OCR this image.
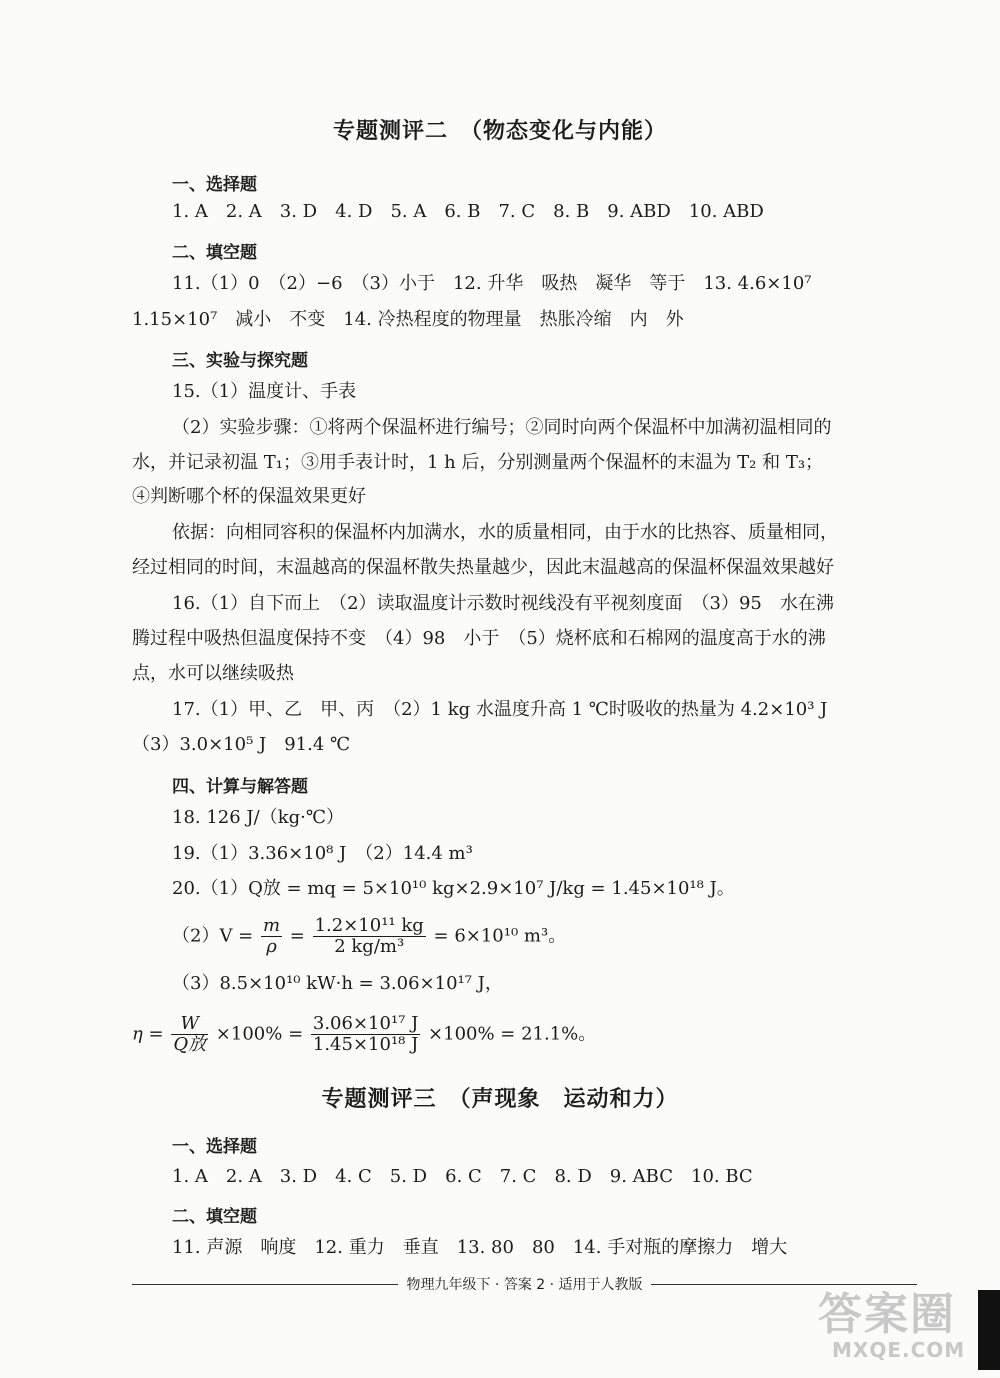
专题测评二　（物态变化与内能）
一、选择题
1. A　2. A　3. D　4. D　5. A　6. B　7. C　8. B　9. ABD　10. ABD
二、填空题
11.（1）0　（2）−6　（3）小于　12. 升华　吸热　凝华　等于　13. 4.6×10⁷
1.15×10⁷　减小　不变　14. 冷热程度的物理量　热胀冷缩　内　外
三、实验与探究题
15.（1）温度计、手表
（2）实验步骤：①将两个保温杯进行编号；②同时向两个保温杯中加满初温相同的
水，并记录初温 T₁；③用手表计时，1 h 后，分别测量两个保温杯的末温为 T₂ 和 T₃；
④判断哪个杯的保温效果更好
依据：向相同容积的保温杯内加满水，水的质量相同，由于水的比热容、质量相同，
经过相同的时间，末温越高的保温杯散失热量越少，因此末温越高的保温杯保温效果越好
16.（1）自下而上　（2）读取温度计示数时视线没有平视刻度面　（3）95　水在沸
腾过程中吸热但温度保持不变　（4）98　小于　（5）烧杯底和石棉网的温度高于水的沸
点，水可以继续吸热
17.（1）甲、乙　甲、丙　（2）1 kg 水温度升高 1 ℃时吸收的热量为 4.2×10³ J
（3）3.0×10⁵ J　91.4 ℃
四、计算与解答题
18. 126 J/（kg·℃）
19.（1）3.36×10⁸ J　（2）14.4 m³
20.（1）Q放 = mq = 5×10¹⁰ kg×2.9×10⁷ J/kg = 1.45×10¹⁸ J。
$(2)V = \frac{m}{\rho} = \frac{\text{1.2×10¹¹ kg}}{\text{2 kg/m³}} = 6\times 10^{10}$ m³。
（3）8.5×10¹⁰ kW·h = 3.06×10¹⁷ J，
$\eta = \frac{W}{\text{Q放}} \times 100\% = \frac{\text{3.06×10¹⁷ J}}{\text{1.45×10¹⁸ J}} \times 100\% = 21.1\%$。
专题测评三　（声现象　运动和力）
一、选择题
1. A　2. A　3. D　4. C　5. D　6. C　7. C　8. D　9. ABC　10. BC
二、填空题
11. 声源　响度　12. 重力　垂直　13. 80　80　14. 手对瓶的摩擦力　增大
物理九年级下 · 答案 2 · 适用于人教版
答案圈
MXQE.COM
